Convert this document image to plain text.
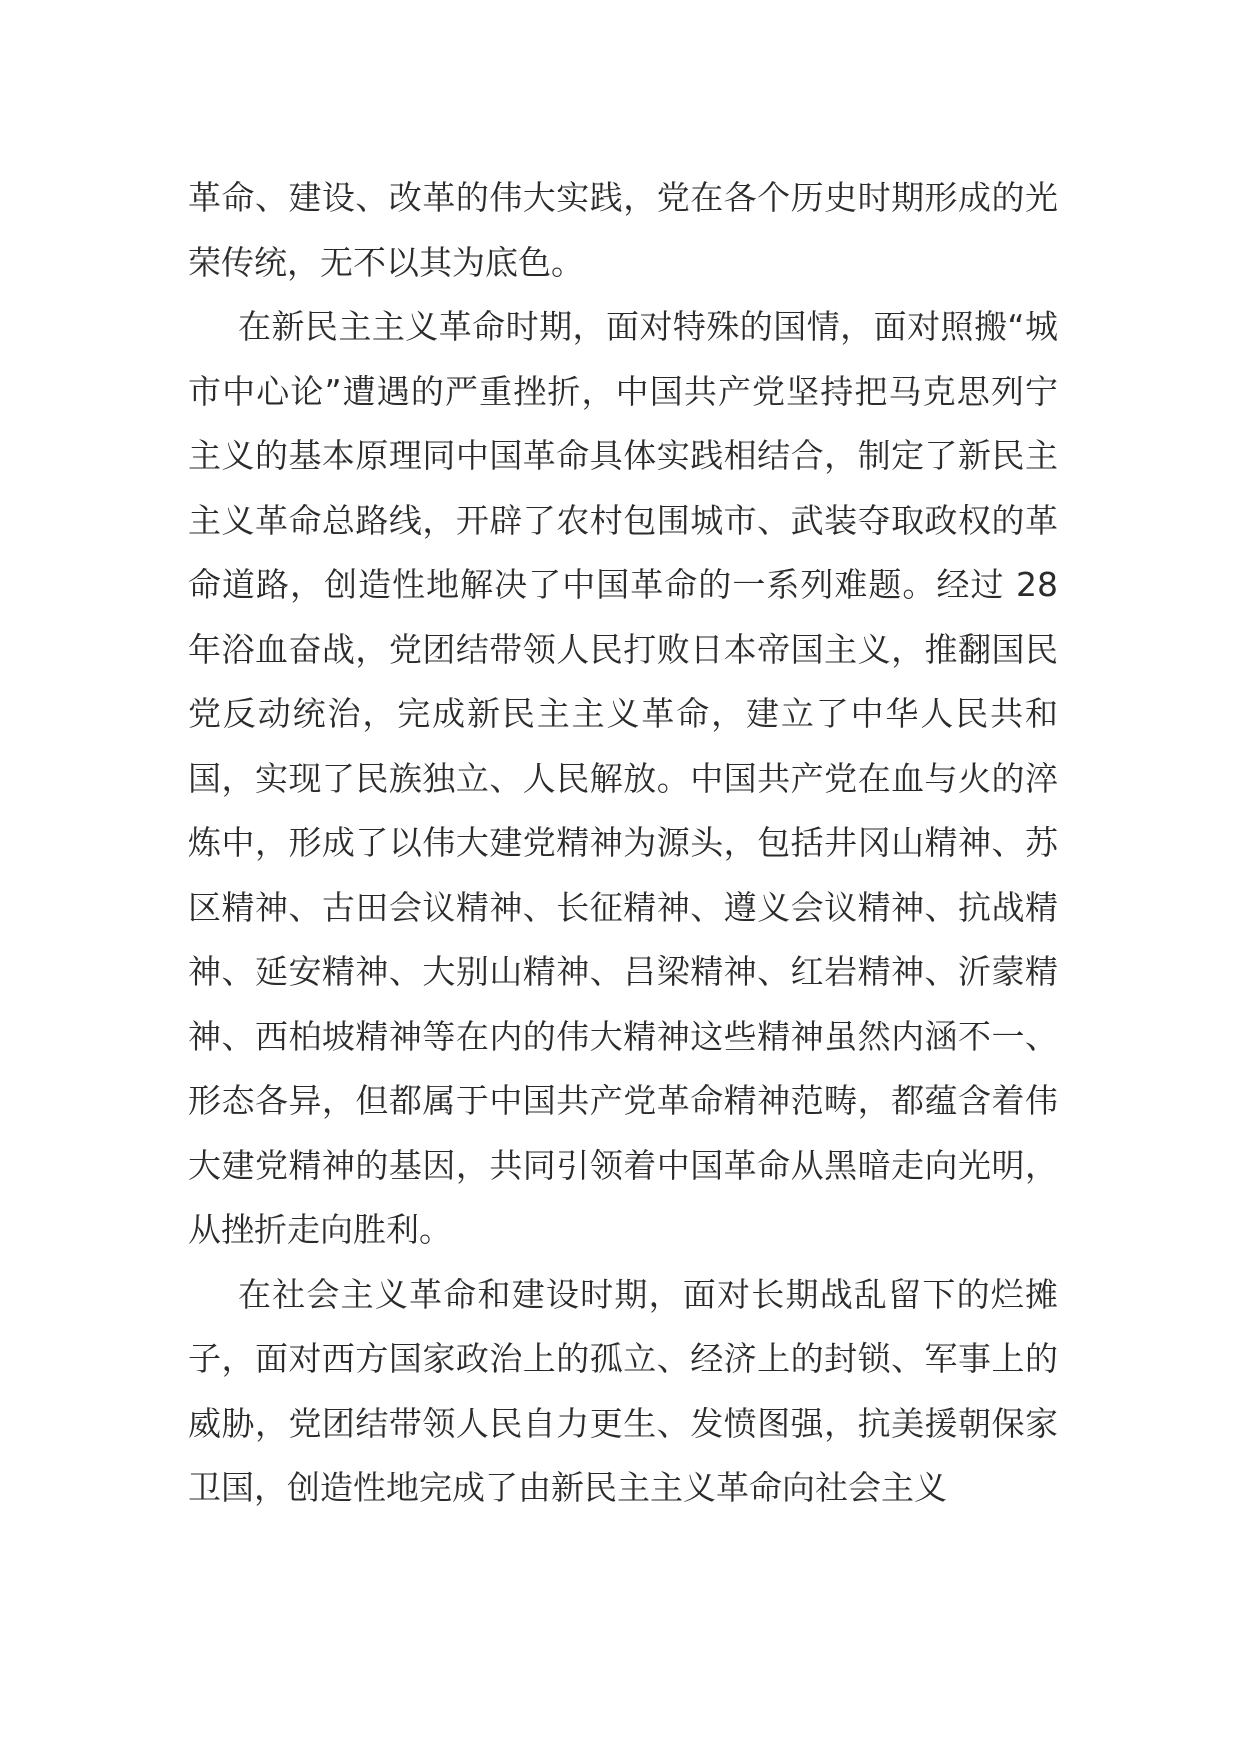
革命、建设、改革的伟大实践，党在各个历史时期形成的光荣传统，无不以其为底色。

在新民主主义革命时期，面对特殊的国情，面对照搬“城市中心论”遭遇的严重挫折，中国共产党坚持把马克思列宁主义的基本原理同中国革命具体实践相结合，制定了新民主主义革命总路线，开辟了农村包围城市、武装夺取政权的革命道路，创造性地解决了中国革命的一系列难题。经过 28 年浴血奋战，党团结带领人民打败日本帝国主义，推翻国民党反动统治，完成新民主主义革命，建立了中华人民共和国，实现了民族独立、人民解放。中国共产党在血与火的淬炼中，形成了以伟大建党精神为源头，包括井冈山精神、苏区精神、古田会议精神、长征精神、遵义会议精神、抗战精神、延安精神、大别山精神、吕梁精神、红岩精神、沂蒙精神、西柏坡精神等在内的伟大精神这些精神虽然内涵不一、形态各异，但都属于中国共产党革命精神范畴，都蕴含着伟大建党精神的基因，共同引领着中国革命从黑暗走向光明，从挫折走向胜利。

在社会主义革命和建设时期，面对长期战乱留下的烂摊子，面对西方国家政治上的孤立、经济上的封锁、军事上的威胁，党团结带领人民自力更生、发愤图强，抗美援朝保家卫国，创造性地完成了由新民主主义革命向社会主义
